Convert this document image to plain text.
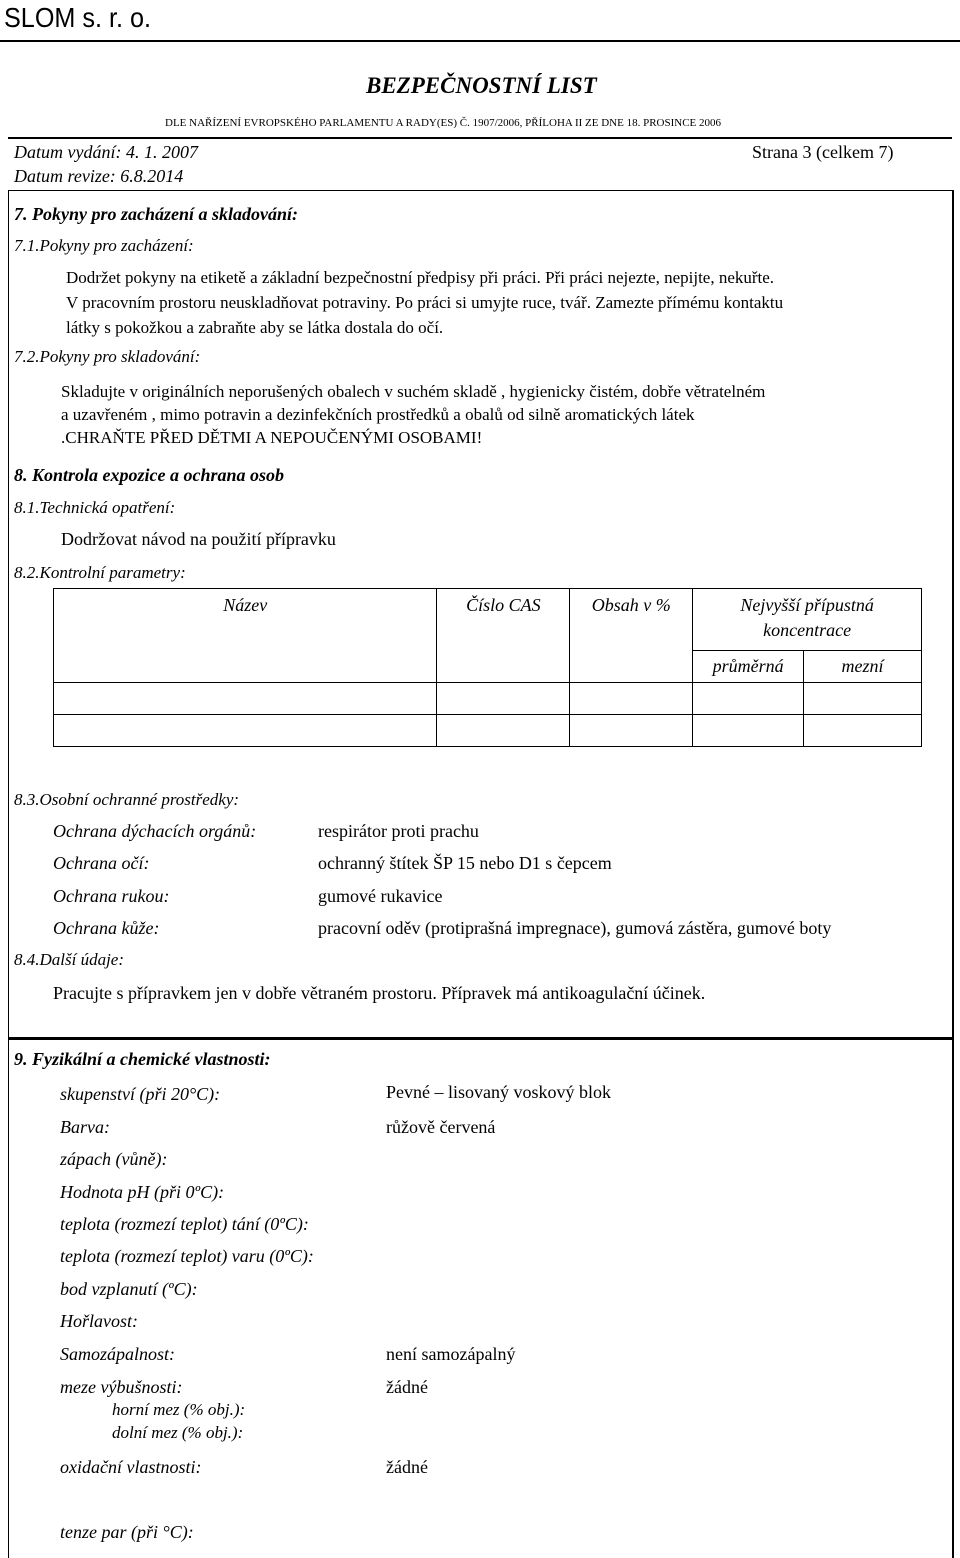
SLOM s. r. o.
BEZPEČNOSTNÍ LIST
DLE NAŘÍZENÍ EVROPSKÉHO PARLAMENTU A RADY(ES) Č. 1907/2006, PŘÍLOHA II ZE DNE 18. PROSINCE 2006
Datum vydání: 4. 1. 2007
Datum revize: 6.8.2014
Strana 3 (celkem 7)
7. Pokyny pro zacházení a skladování:
7.1.Pokyny pro zacházení:
Dodržet pokyny na etiketě a základní bezpečnostní předpisy při práci. Při práci nejezte, nepijte, nekuřte.
V pracovním prostoru neuskladňovat potraviny. Po práci si umyjte ruce, tvář. Zamezte přímému kontaktu
látky s pokožkou a zabraňte aby se látka dostala do očí.
7.2.Pokyny pro skladování:
Skladujte v originálních neporušených obalech v suchém skladě , hygienicky čistém, dobře větratelném
a uzavřeném , mimo potravin a dezinfekčních prostředků a obalů od silně aromatických látek
.CHRAŇTE PŘED DĚTMI A NEPOUČENÝMI OSOBAMI!
8. Kontrola expozice a ochrana osob
8.1.Technická opatření:
Dodržovat návod na použití přípravku
8.2.Kontrolní parametry:
Název	Číslo CAS	Obsah v %	Nejvyšší přípustná
koncentrace	
			průměrná	mezní

8.3.Osobní ochranné prostředky:
Ochrana dýchacích orgánů:	respirátor proti prachu
Ochrana očí:	ochranný štítek ŠP 15 nebo D1 s čepcem
Ochrana rukou:	gumové rukavice
Ochrana kůže:	pracovní oděv (protiprašná impregnace), gumová zástěra, gumové boty
8.4.Další údaje:
Pracujte s přípravkem jen v dobře větraném prostoru. Přípravek má antikoagulační účinek.
9. Fyzikální a chemické vlastnosti:
skupenství (při 20°C):	Pevné – lisovaný voskový blok
Barva:	růžově červená
zápach (vůně):
Hodnota pH (při 0ºC):
teplota (rozmezí teplot) tání (0ºC):
teplota (rozmezí teplot) varu (0ºC):
bod vzplanutí (ºC):
Hořlavost:
Samozápalnost:	není samozápalný
meze výbušnosti:	žádné
horní mez (% obj.):
dolní mez (% obj.):
oxidační vlastnosti:	žádné
tenze par (při °C):
